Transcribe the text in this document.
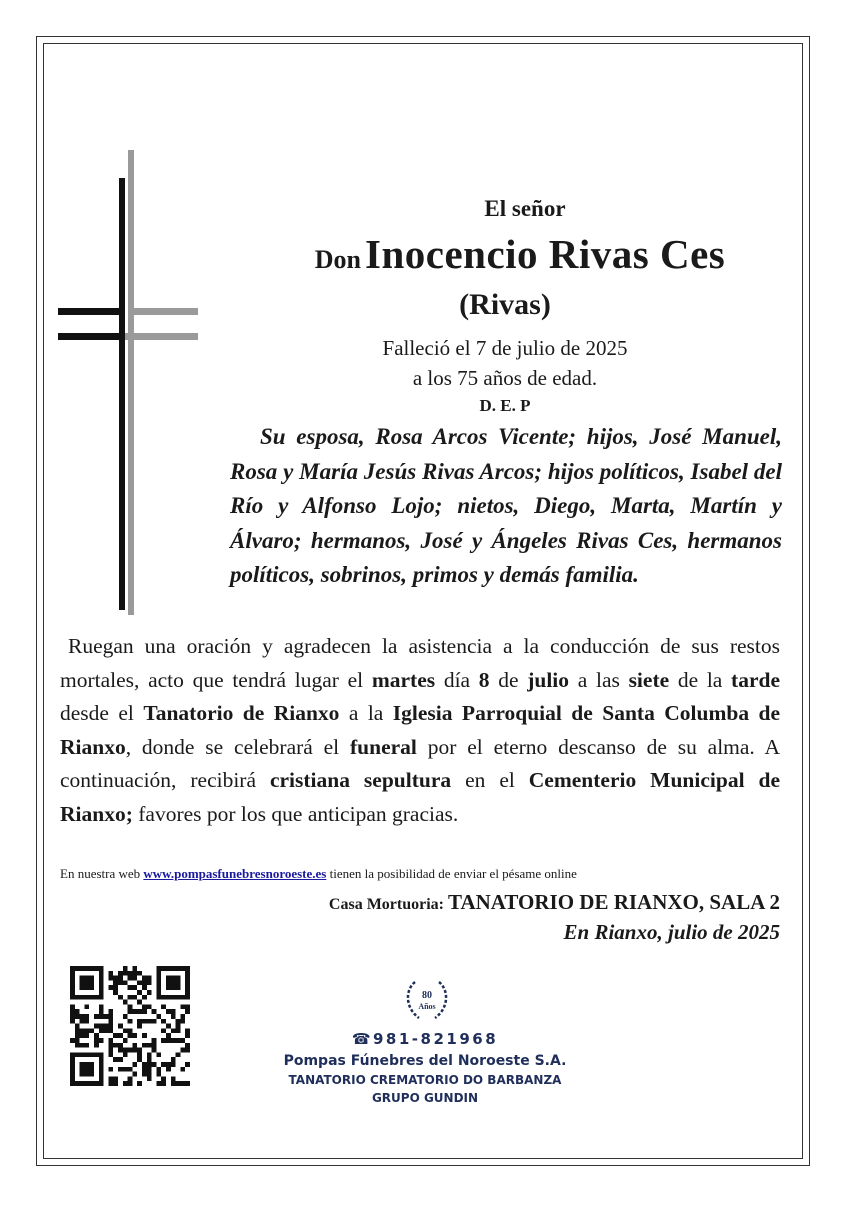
El señor
Don Inocencio Rivas Ces
(Rivas)
Falleció el 7 de julio de 2025
a los 75 años de edad.
D. E. P
Su esposa, Rosa Arcos Vicente; hijos, José Manuel, Rosa y María Jesús Rivas Arcos; hijos políticos, Isabel del Río y Alfonso Lojo; nietos, Diego, Marta, Martín y Álvaro; hermanos, José y Ángeles Rivas Ces, hermanos políticos, sobrinos, primos y demás familia.
Ruegan una oración y agradecen la asistencia a la conducción de sus restos mortales, acto que tendrá lugar el martes día 8 de julio a las siete de la tarde desde el Tanatorio de Rianxo a la Iglesia Parroquial de Santa Columba de Rianxo, donde se celebrará el funeral por el eterno descanso de su alma. A continuación, recibirá cristiana sepultura en el Cementerio Municipal de Rianxo; favores por los que anticipan gracias.
En nuestra web www.pompasfunebresnoroeste.es tienen la posibilidad de enviar el pésame online
Casa Mortuoria: TANATORIO DE RIANXO, SALA 2
En Rianxo, julio de 2025
80
Años
☎981-821968
Pompas Fúnebres del Noroeste S.A.
TANATORIO CREMATORIO DO BARBANZA
GRUPO GUNDIN
